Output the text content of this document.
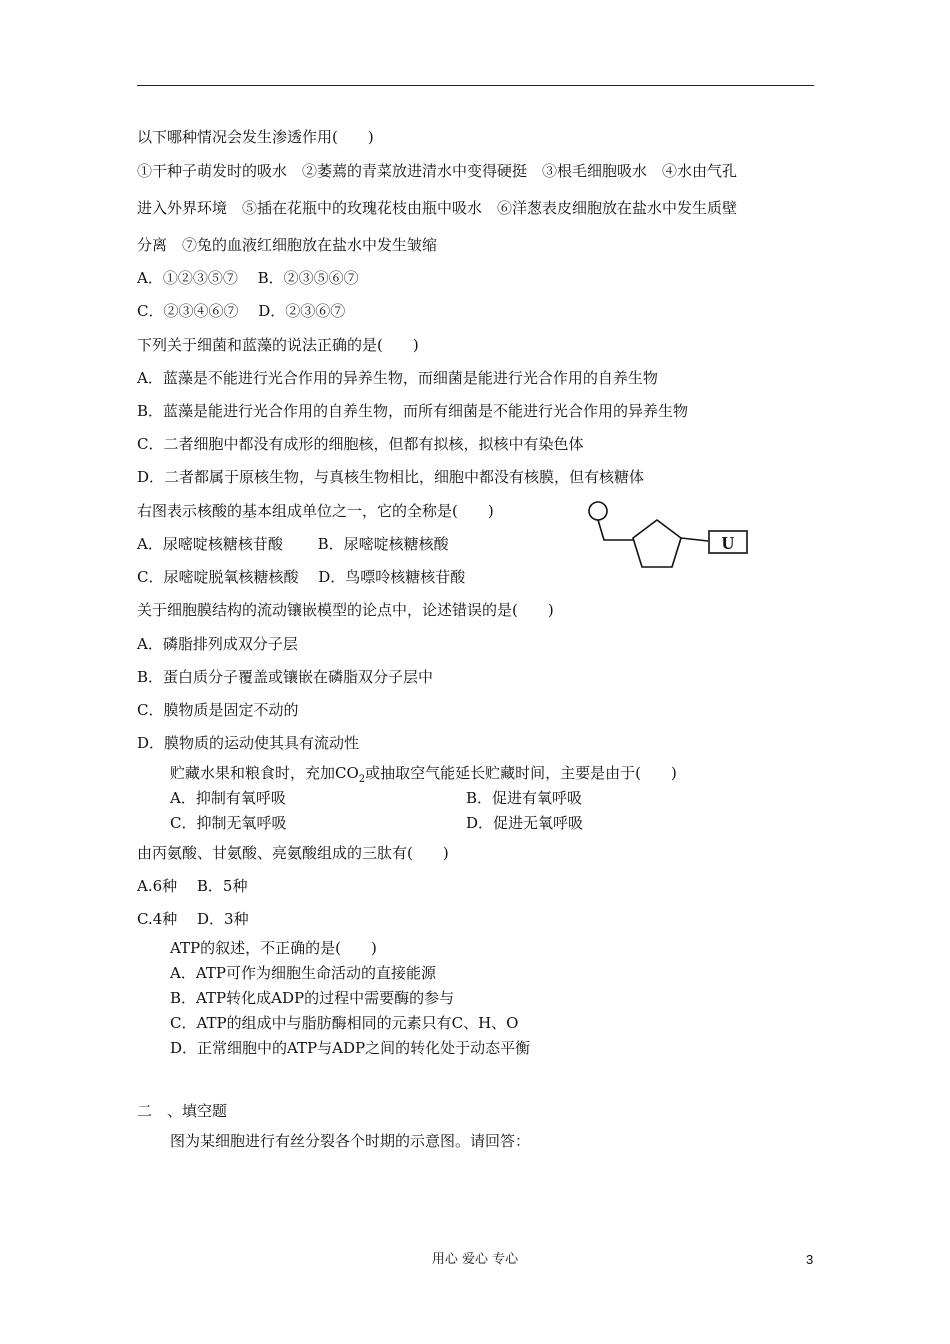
以下哪种情况会发生渗透作用(　　)
①干种子萌发时的吸水　②萎蔫的青菜放进清水中变得硬挺　③根毛细胞吸水　④水由气孔
进入外界环境　⑤插在花瓶中的玫瑰花枝由瓶中吸水　⑥洋葱表皮细胞放在盐水中发生质壁
分离　⑦兔的血液红细胞放在盐水中发生皱缩
A．①②③⑤⑦　 B．②③⑤⑥⑦
C．②③④⑥⑦　 D．②③⑥⑦
下列关于细菌和蓝藻的说法正确的是(　　)
A．蓝藻是不能进行光合作用的异养生物，而细菌是能进行光合作用的自养生物
B．蓝藻是能进行光合作用的自养生物，而所有细菌是不能进行光合作用的异养生物
C．二者细胞中都没有成形的细胞核，但都有拟核，拟核中有染色体
D．二者都属于原核生物，与真核生物相比，细胞中都没有核膜，但有核糖体
右图表示核酸的基本组成单位之一，它的全称是(　　)
A．尿嘧啶核糖核苷酸　　 B．尿嘧啶核糖核酸
C．尿嘧啶脱氧核糖核酸　 D．鸟嘌呤核糖核苷酸
U
关于细胞膜结构的流动镶嵌模型的论点中，论述错误的是(　　)
A．磷脂排列成双分子层
B．蛋白质分子覆盖或镶嵌在磷脂双分子层中
C．膜物质是固定不动的
D．膜物质的运动使其具有流动性
贮藏水果和粮食时，充加$CO_2$或抽取空气能延长贮藏时间，主要是由于(　　)
A．抑制有氧呼吸	B．促进有氧呼吸
C．抑制无氧呼吸	D．促进无氧呼吸
由丙氨酸、甘氨酸、亮氨酸组成的三肽有(　　)
A.6种　 B．5种
C.4种　 D．3种
ATP的叙述，不正确的是(　　)
A．ATP可作为细胞生命活动的直接能源
B．ATP转化成ADP的过程中需要酶的参与
C．ATP的组成中与脂肪酶相同的元素只有C、H、O
D．正常细胞中的ATP与ADP之间的转化处于动态平衡
二　、填空题
图为某细胞进行有丝分裂各个时期的示意图。请回答：
用心 爱心 专心	3
